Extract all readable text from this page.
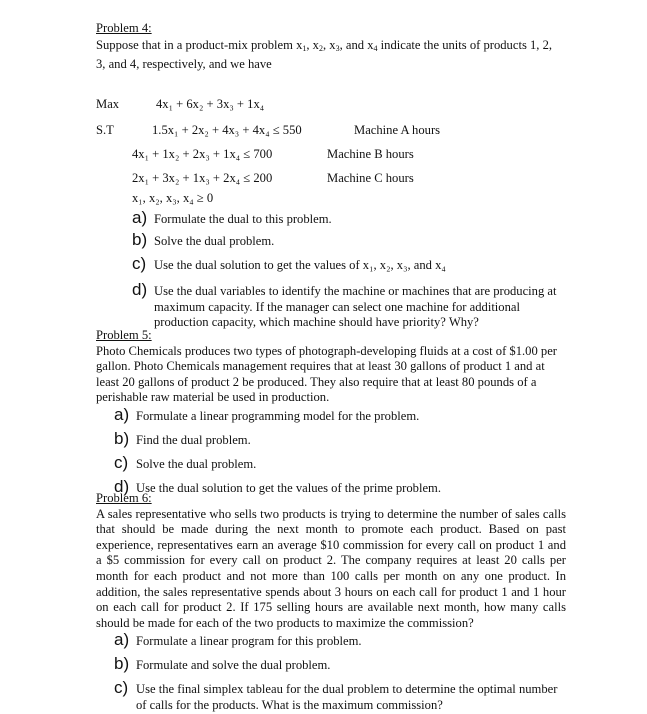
Problem 4:
Suppose that in a product-mix problem $x_1$, $x_2$, $x_3$, and $x_4$ indicate the units of products 1, 2,
3, and 4, respectively, and we have
Max	4x₁ + 6x₂ + 3x₃ + 1x₄
S.T	1.5x₁ + 2x₂ + 4x₃ + 4x₄ ≤ 550	Machine A hours
4x₁ + 1x₂ + 2x₃ + 1x₄ ≤ 700	Machine B hours
2x₁ + 3x₂ + 1x₃ + 2x₄ ≤ 200	Machine C hours
x₁, x₂, x₃, x₄ ≥ 0
a) Formulate the dual to this problem.
b) Solve the dual problem.
c) Use the dual solution to get the values of x₁, x₂, x₃, and x₄
d) Use the dual variables to identify the machine or machines that are producing at maximum capacity. If the manager can select one machine for additional production capacity, which machine should have priority? Why?
Problem 5:

Photo Chemicals produces two types of photograph-developing fluids at a cost of $1.00 per gallon. Photo Chemicals management requires that at least 30 gallons of product 1 and at least 20 gallons of product 2 be produced. They also require that at least 80 pounds of a perishable raw material be used in production.

a) Formulate a linear programming model for the problem.
b) Find the dual problem.
c) Solve the dual problem.
d) Use the dual solution to get the values of the prime problem.
Problem 6:

A sales representative who sells two products is trying to determine the number of sales calls that should be made during the next month to promote each product. Based on past experience, representatives earn an average $10 commission for every call on product 1 and a $5 commission for every call on product 2. The company requires at least 20 calls per month for each product and not more than 100 calls per month on any one product. In addition, the sales representative spends about 3 hours on each call for product 1 and 1 hour on each call for product 2. If 175 selling hours are available next month, how many calls should be made for each of the two products to maximize the commission?

a) Formulate a linear program for this problem.
b) Formulate and solve the dual problem.
c) Use the final simplex tableau for the dual problem to determine the optimal number of calls for the products. What is the maximum commission?
